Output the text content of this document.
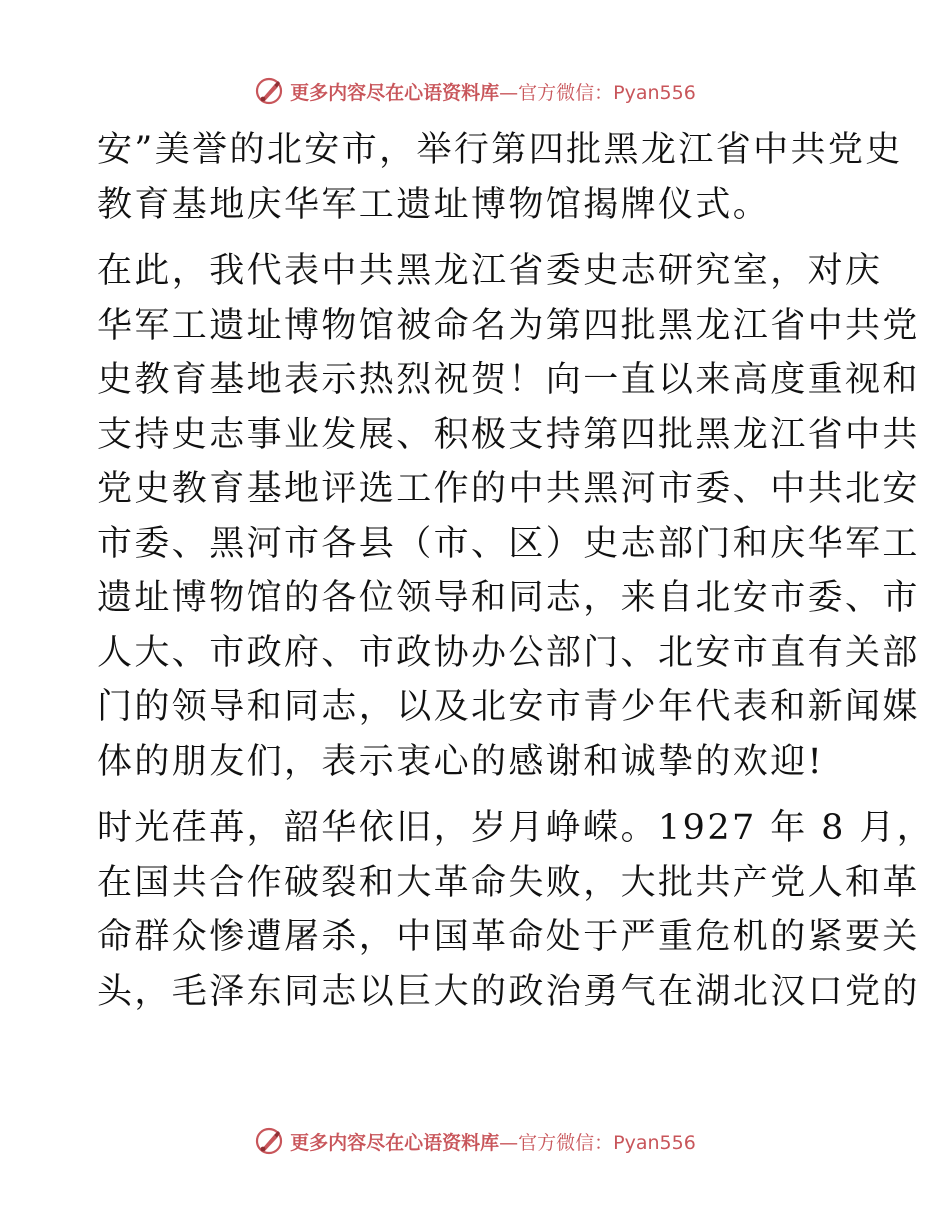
更多内容尽在心语资料库 —官方微信：Pyan556
安”美誉的北安市，举行第四批黑龙江省中共党史
教育基地庆华军工遗址博物馆揭牌仪式。
在此，我代表中共黑龙江省委史志研究室，对庆
华军工遗址博物馆被命名为第四批黑龙江省中共党
史教育基地表示热烈祝贺！向一直以来高度重视和
支持史志事业发展、积极支持第四批黑龙江省中共
党史教育基地评选工作的中共黑河市委、中共北安
市委、黑河市各县（市、区）史志部门和庆华军工
遗址博物馆的各位领导和同志，来自北安市委、市
人大、市政府、市政协办公部门、北安市直有关部
门的领导和同志，以及北安市青少年代表和新闻媒
体的朋友们，表示衷心的感谢和诚挚的欢迎!
时光荏苒，韶华依旧，岁月峥嵘。1927 年 8 月，
在国共合作破裂和大革命失败，大批共产党人和革
命群众惨遭屠杀，中国革命处于严重危机的紧要关
头，毛泽东同志以巨大的政治勇气在湖北汉口党的
更多内容尽在心语资料库 —官方微信：Pyan556
